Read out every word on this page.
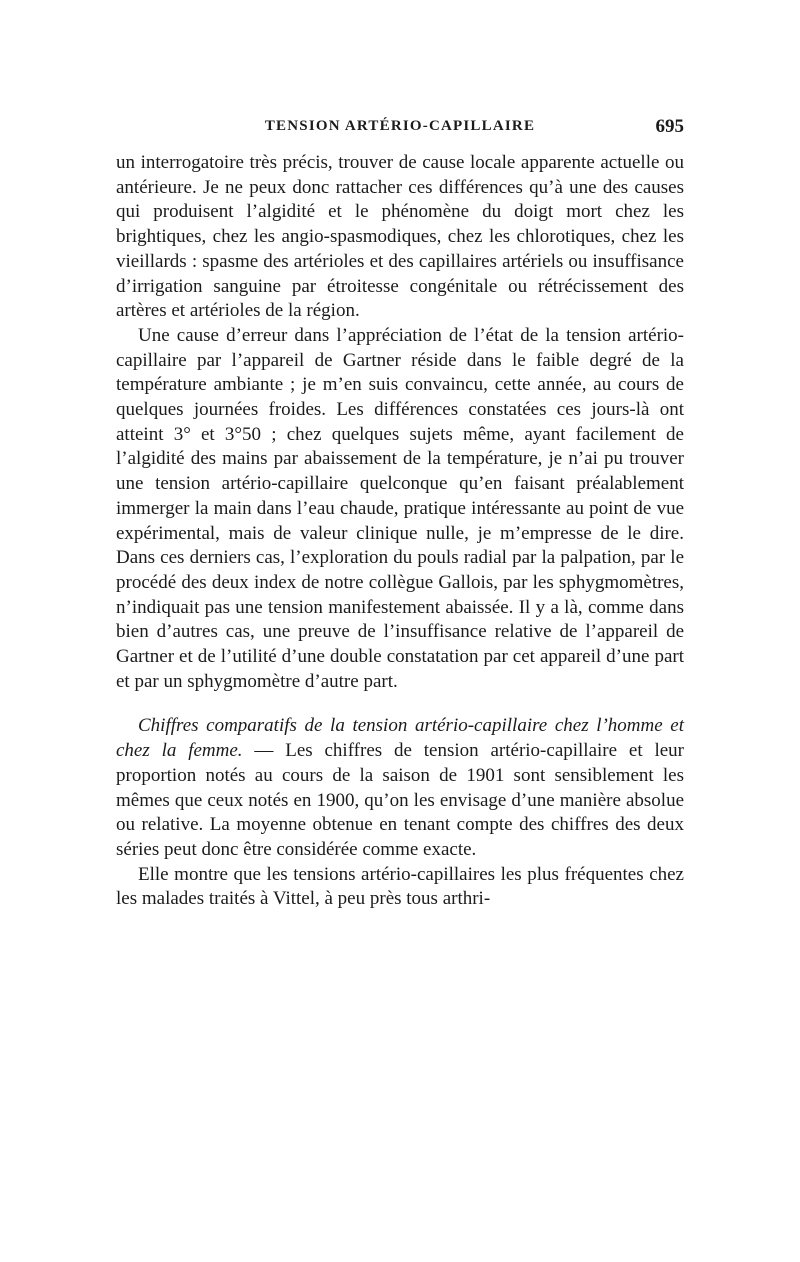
TENSION ARTÉRIO-CAPILLAIRE	695

un interrogatoire très précis, trouver de cause locale apparente actuelle ou antérieure. Je ne peux donc rattacher ces différences qu’à une des causes qui produisent l’algidité et le phénomène du doigt mort chez les brightiques, chez les angio-spasmodiques, chez les chlorotiques, chez les vieillards : spasme des artérioles et des capillaires artériels ou insuffisance d’irrigation sanguine par étroitesse congénitale ou rétrécissement des artères et artérioles de la région.

Une cause d’erreur dans l’appréciation de l’état de la tension artério-capillaire par l’appareil de Gartner réside dans le faible degré de la température ambiante ; je m’en suis convaincu, cette année, au cours de quelques journées froides. Les différences constatées ces jours-là ont atteint 3° et 3°50 ; chez quelques sujets même, ayant facilement de l’algidité des mains par abaissement de la température, je n’ai pu trouver une tension artério-capillaire quelconque qu’en faisant préalablement immerger la main dans l’eau chaude, pratique intéressante au point de vue expérimental, mais de valeur clinique nulle, je m’empresse de le dire. Dans ces derniers cas, l’exploration du pouls radial par la palpation, par le procédé des deux index de notre collègue Gallois, par les sphygmomètres, n’indiquait pas une tension manifestement abaissée. Il y a là, comme dans bien d’autres cas, une preuve de l’insuffisance relative de l’appareil de Gartner et de l’utilité d’une double constatation par cet appareil d’une part et par un sphygmomètre d’autre part.

Chiffres comparatifs de la tension artério-capillaire chez l’homme et chez la femme. — Les chiffres de tension artério-capillaire et leur proportion notés au cours de la saison de 1901 sont sensiblement les mêmes que ceux notés en 1900, qu’on les envisage d’une manière absolue ou relative. La moyenne obtenue en tenant compte des chiffres des deux séries peut donc être considérée comme exacte.

Elle montre que les tensions artério-capillaires les plus fréquentes chez les malades traités à Vittel, à peu près tous arthri-
